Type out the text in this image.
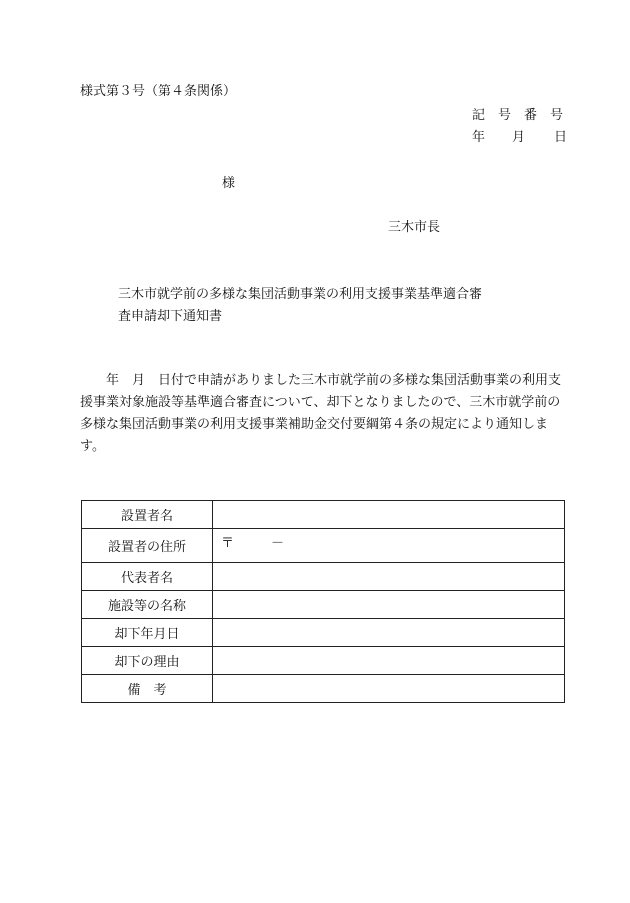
様式第３号（第４条関係）
記 号 番 号
年 月 日
様
三木市長
三木市就学前の多様な集団活動事業の利用支援事業基準適合審
査申請却下通知書

　　年　月　日付で申請がありました三木市就学前の多様な集団活動事業の利用支援事業対象施設等基準適合審査について、却下となりましたので、三木市就学前の多様な集団活動事業の利用支援事業補助金交付要綱第４条の規定により通知します。

設置者名	
設置者の住所	〒 －

代表者名	
施設等の名称	
却下年月日	
却下の理由	
備　考	
